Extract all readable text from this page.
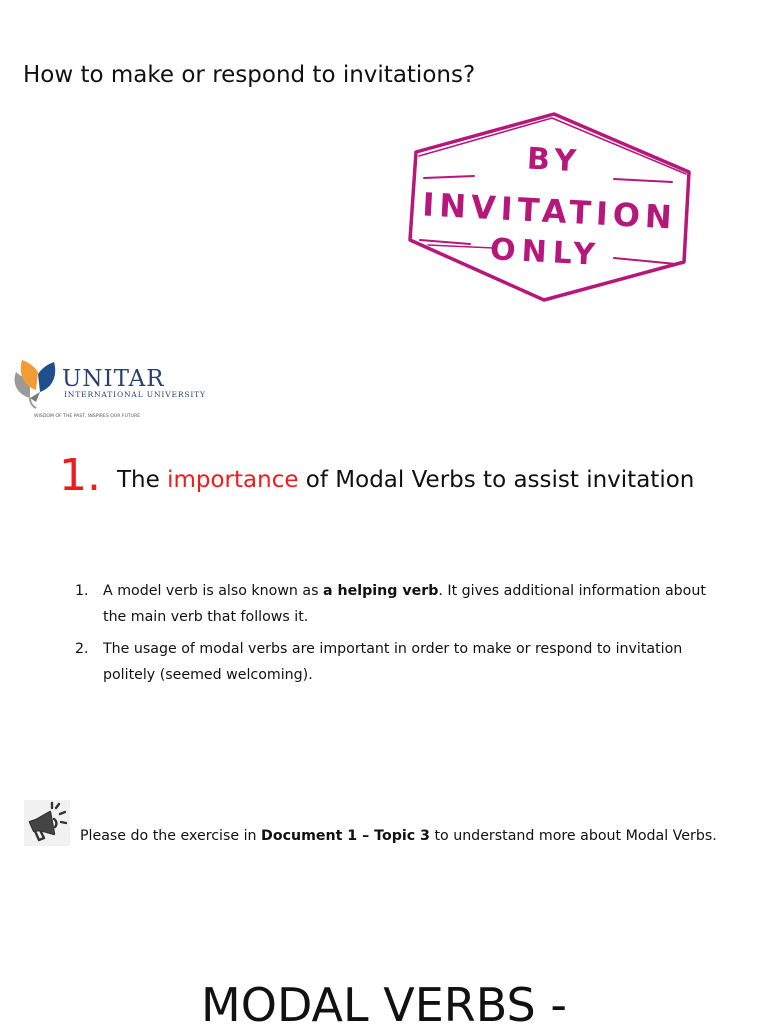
How to make or respond to invitations?
BY
INVITATION
ONLY
UNITAR
INTERNATIONAL UNIVERSITY
WISDOM OF THE PAST, INSPIRES OUR FUTURE
1. The importance of Modal Verbs to assist invitation
1.	A model verb is also known as a helping verb. It gives additional information about the main verb that follows it.
2.	The usage of modal verbs are important in order to make or respond to invitation politely (seemed welcoming).
Please do the exercise in Document 1 – Topic 3 to understand more about Modal Verbs.
MODAL VERBS -
